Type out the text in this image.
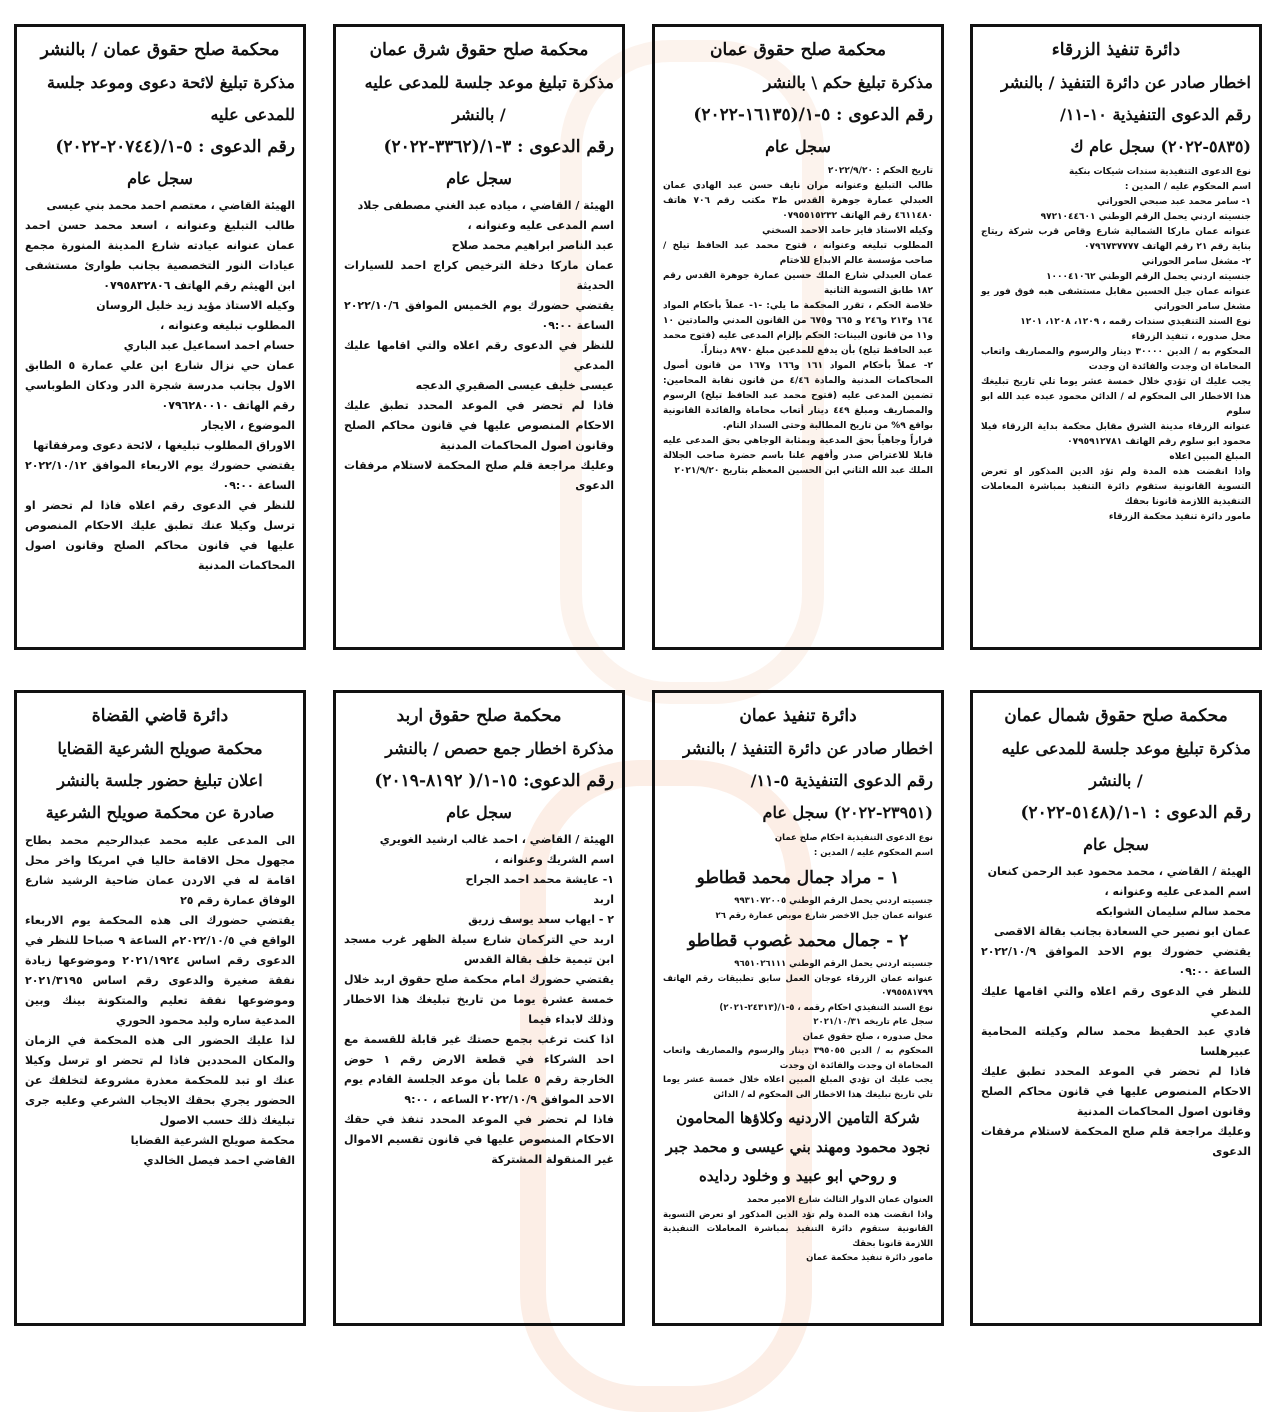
دائرة تنفيذ الزرقاء

اخطار صادر عن دائرة التنفيذ / بالنشر

رقم الدعوى التنفيذية ١٠-١١/

(٥٨٣٥-٢٠٢٢) سجل عام ك

نوع الدعوى التنفيذية سندات شيكات بنكية
اسم المحكوم عليه / المدين :
١- سامر محمد عبد صبحي الحوراني
جنسيته اردني يحمل الرقم الوطني ٩٧٢١٠٤٤٦٠١
عنوانه عمان ماركا الشمالية شارع وقاص قرب شركة ريتاج بناية رقم ٢١ رقم الهاتف ٠٧٩٦٧٣٧٧٧٧
٢- مشغل سامر الحوراني
جنسيته اردني يحمل الرقم الوطني ١٠٠٠٤١٠٦٢
عنوانه عمان جبل الحسين مقابل مستشفى هبه فوق فور يو مشغل سامر الحوراني
نوع السند التنفيذي سندات رقمه ، ١٢٠٩، ١٢٠٨، ١٢٠١
محل صدوره ، تنفيذ الزرقاء
المحكوم به / الدين ٣٠٠٠٠ دينار والرسوم والمصاريف واتعاب المحاماة ان وجدت والفائدة ان وجدت
يجب عليك ان تؤدي خلال خمسة عشر يوما تلي تاريخ تبليغك هذا الاخطار الى المحكوم له / الدائن محمود عبده عبد الله ابو سلوم
عنوانه الزرقاء مدينة الشرق مقابل محكمة بداية الزرقاء فيلا محمود ابو سلوم رقم الهاتف ٠٧٩٥٩١٢٧٨١
المبلغ المبين اعلاه
واذا انقضت هذه المدة ولم تؤد الدين المذكور او تعرض التسوية القانونية ستقوم دائرة التنفيذ بمباشرة المعاملات التنفيذية اللازمة قانونا بحقك
مامور دائرة تنفيذ محكمة الزرقاء
محكمة صلح حقوق عمان

مذكرة تبليغ حكم \ بالنشر

رقم الدعوى : ٥-١/(١٦١٣٥-٢٠٢٢)

سجل عام

تاريخ الحكم : ٢٠٢٢/٩/٢٠
طالب التبليغ وعنوانه مران نايف حسن عبد الهادي عمان العبدلي عمارة جوهرة القدس ط٣ مكتب رقم ٧٠٦ هاتف ٤٦١١٤٨٠ رقم الهاتف ٠٧٩٥٥١٥٢٣٢
وكيله الاستاذ فايز حامد الاحمد السخني
المطلوب تبليغه وعنوانه ، فتوح محمد عبد الحافظ تيلخ / صاحب مؤسسة عالم الابداع للاختام
عمان العبدلي شارع الملك حسين عمارة جوهرة القدس رقم ١٨٢ طابق التسوية الثانية
خلاصة الحكم ، تقرر المحكمة ما يلي: -١- عملاً بأحكام المواد ١٦٤ و٢١٣ و٢٤٦ و ٦٦٥ و٦٧٥ من القانون المدني والمادتين ١٠ و١١ من قانون البينات: الحكم بإلزام المدعى عليه (فتوح محمد عبد الحافظ تيلخ) بأن يدفع للمدعين مبلغ ٨٩٧٠ ديناراً.
٢- عملاً بأحكام المواد ١٦١ و١٦٦ و١٦٧ من قانون أصول المحاكمات المدنية والمادة ٤/٤٦ من قانون نقابة المحامين: تضمين المدعى عليه (فتوح محمد عبد الحافظ تيلخ) الرسوم والمصاريف ومبلغ ٤٤٩ دينار أتعاب محاماة والفائدة القانونية بواقع ٩% من تاريخ المطالبة وحتى السداد التام.
قراراً وجاهياً بحق المدعية وبمثابة الوجاهي بحق المدعى عليه قابلا للاعتراض صدر وأفهم علنا باسم حضرة صاحب الجلالة الملك عبد الله الثاني ابن الحسين المعظم بتاريخ ٢٠٢١/٩/٢٠
محكمة صلح حقوق شرق عمان

مذكرة تبليغ موعد جلسة للمدعى عليه

/ بالنشر

رقم الدعوى : ٣-١/(٣٣٦٢-٢٠٢٢)

سجل عام

الهيئة / القاضي ، مياده عبد الغني مصطفى جلاد
اسم المدعى عليه وعنوانه ،
عبد الناصر ابراهيم محمد صلاح
عمان ماركا دخلة الترخيص كراج احمد للسيارات الحديثة
يقتضي حضورك يوم الخميس الموافق ٢٠٢٢/١٠/٦ الساعة ٠٩:٠٠
للنظر في الدعوى رقم اعلاه والتي اقامها عليك المدعي
عيسى خليف عيسى الصقيري الدعجه
فاذا لم تحضر في الموعد المحدد تطبق عليك الاحكام المنصوص عليها في قانون محاكم الصلح وقانون اصول المحاكمات المدنية
وعليك مراجعة قلم صلح المحكمة لاستلام مرفقات الدعوى
محكمة صلح حقوق عمان / بالنشر

مذكرة تبليغ لائحة دعوى وموعد جلسة

للمدعى عليه

رقم الدعوى : ٥-١/(٢٠٧٤٤-٢٠٢٢)

سجل عام

الهيئة القاضي ، معتصم احمد محمد بني عيسى
طالب التبليغ وعنوانه ، اسعد محمد حسن احمد عمان عنوانه عيادته شارع المدينة المنورة مجمع عيادات النور التخصصية بجانب طوارئ مستشفى ابن الهيثم رقم الهاتف ٠٧٩٥٨٣٢٨٠٦
وكيله الاستاذ مؤيد زيد خليل الروسان
المطلوب تبليغه وعنوانه ،
حسام احمد اسماعيل عبد الباري
عمان حي نزال شارع ابن علي عمارة ٥ الطابق الاول بجانب مدرسة شجرة الدر ودكان الطوباسي رقم الهاتف ٠٧٩٦٢٨٠٠١٠
الموضوع ، الايجار
الاوراق المطلوب تبليغها ، لائحة دعوى ومرفقاتها
يقتضي حضورك يوم الاربعاء الموافق ٢٠٢٢/١٠/١٢ الساعة ٠٩:٠٠
للنظر في الدعوى رقم اعلاه فاذا لم تحضر او ترسل وكيلا عنك تطبق عليك الاحكام المنصوص عليها في قانون محاكم الصلح وقانون اصول المحاكمات المدنية
محكمة صلح حقوق شمال عمان

مذكرة تبليغ موعد جلسة للمدعى عليه

/ بالنشر

رقم الدعوى : ١-١/(٥١٤٨-٢٠٢٢)

سجل عام

الهيئة / القاضي ، محمد محمود عبد الرحمن كنعان
اسم المدعى عليه وعنوانه ،
محمد سالم سليمان الشوابكه
عمان ابو نصير حي السعادة بجانب بقالة الاقصى
يقتضي حضورك يوم الاحد الموافق ٢٠٢٢/١٠/٩ الساعة ٠٩:٠٠
للنظر في الدعوى رقم اعلاه والتي اقامها عليك المدعي
فادي عبد الحفيظ محمد سالم وكيلته المحامية عبيرهلسا
فاذا لم تحضر في الموعد المحدد تطبق عليك الاحكام المنصوص عليها في قانون محاكم الصلح وقانون اصول المحاكمات المدنية
وعليك مراجعة قلم صلح المحكمة لاستلام مرفقات الدعوى
دائرة تنفيذ عمان

اخطار صادر عن دائرة التنفيذ / بالنشر

رقم الدعوى التنفيذية ٥-١١/

(٢٣٩٥١-٢٠٢٢) سجل عام

نوع الدعوى التنفيذية احكام صلح عمان
اسم المحكوم عليه / المدين :

١ - مراد جمال محمد قطاطو

جنسيته اردني يحمل الرقم الوطني ٩٩٣١٠٧٢٠٠٥
عنوانه عمان جبل الاخضر شارع موبص عمارة رقم ٢٦

٢ - جمال محمد غصوب قطاطو

جنسيته اردني يحمل الرقم الوطني ٩٦٥١٠٢٦١١١
عنوانه عمان الزرقاء عوجان العمل سابق تطبيقات رقم الهاتف ٠٧٩٥٥٨١٧٩٩
نوع السند التنفيذي احكام رقمه ، ٥-١/(٢٤٣١٣-٢٠٢١)
سجل عام تاريخه ٢٠٢١/١٠/٣١
محل صدوره ، صلح حقوق عمان
المحكوم به / الدين ٣٩٥٠٥٥ دينار والرسوم والمصاريف واتعاب المحاماة ان وجدت والفائدة ان وجدت
يجب عليك ان تؤدي المبلغ المبين اعلاه خلال خمسة عشر يوما تلي تاريخ تبليغك هذا الاخطار الى المحكوم له / الدائن

شركة التامين الاردنيه وكلاؤها المحامون نجود محمود ومهند بني عيسى و محمد جبر و روحي ابو عبيد و وخلود ردايده

العنوان عمان الدوار الثالث شارع الامير محمد
واذا انقضت هذه المدة ولم تؤد الدين المذكور او تعرض التسوية القانونية ستقوم دائرة التنفيذ بمباشرة المعاملات التنفيذية اللازمة قانونا بحقك
مامور دائرة تنفيذ محكمة عمان
محكمة صلح حقوق اربد

مذكرة اخطار جمع حصص / بالنشر

رقم الدعوى: ١٥-١/( ٨١٩٢-٢٠١٩)

سجل عام

الهيئة / القاضي ، احمد غالب ارشيد الغويري
اسم الشريك وعنوانه ،
١- عايشة محمد احمد الجراح
اربد
٢ - ايهاب سعد يوسف زريق
اربد حي التركمان شارع سيلة الظهر غرب مسجد ابن تيمية خلف بقالة القدس
يقتضي حضورك امام محكمة صلح حقوق اربد خلال خمسة عشرة يوما من تاريخ تبليغك هذا الاخطار وذلك لابداء فيما
اذا كنت ترغب بجمع حصتك غير قابلة للقسمة مع احد الشركاء في قطعة الارض رقم ١ حوض الخارجة رقم ٥ علما بأن موعد الجلسة القادم يوم الاحد الموافق ٢٠٢٢/١٠/٩ الساعه ، ٩:٠٠
فاذا لم تحضر في الموعد المحدد تنفذ في حقك الاحكام المنصوص عليها في قانون تقسيم الاموال غير المنقولة المشتركة
دائرة قاضي القضاة

محكمة صويلح الشرعية القضايا

اعلان تبليغ حضور جلسة بالنشر

صادرة عن محكمة صويلح الشرعية

الى المدعى عليه محمد عبدالرحيم محمد بطاح مجهول محل الاقامة حاليا في امريكا واخر محل اقامة له في الاردن عمان ضاحية الرشيد شارع الوفاق عمارة رقم ٢٥
يقتضي حضورك الى هذه المحكمة يوم الاربعاء الواقع في ٢٠٢٢/١٠/٥م الساعة ٩ صباحا للنظر في الدعوى رقم اساس ٢٠٢١/١٩٢٤ وموضوعها زيادة نفقة صغيرة والدعوى رقم اساس ٢٠٢١/٣١٩٥ وموضوعها نفقة تعليم والمتكونة بينك وبين المدعية ساره وليد محمود الحوري
لذا عليك الحضور الى هذه المحكمة في الزمان والمكان المحددين فاذا لم تحضر او ترسل وكيلا عنك او تبد للمحكمة معذرة مشروعة لتخلفك عن الحضور يجري بحقك الايجاب الشرعي وعليه جرى تبليغك ذلك حسب الاصول
محكمة صويلح الشرعية القضايا
القاضي احمد فيصل الخالدي
